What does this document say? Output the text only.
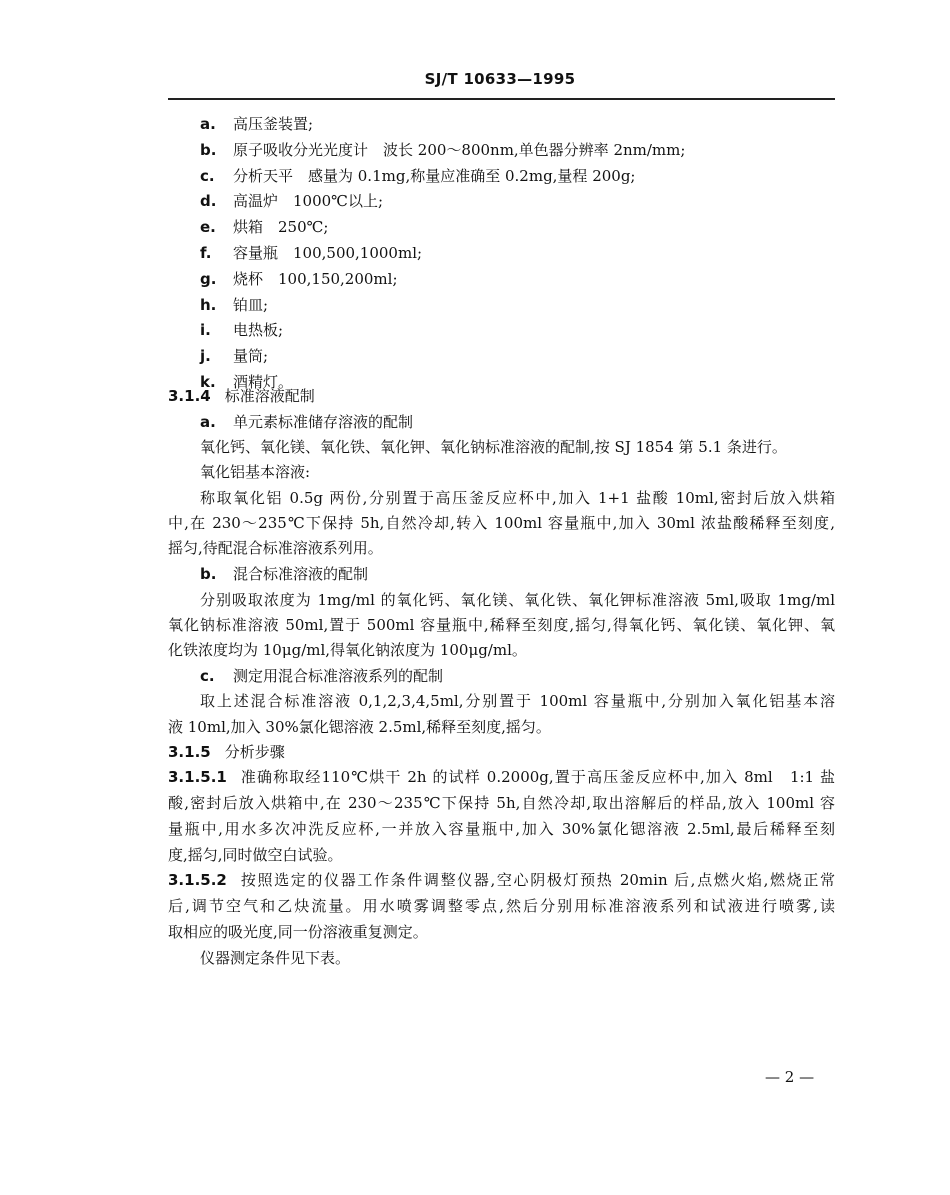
SJ/T 10633—1995
a. 高压釜装置;
b. 原子吸收分光光度计　波长 200～800nm,单色器分辨率 2nm/mm;
c. 分析天平　感量为 0.1mg,称量应准确至 0.2mg,量程 200g;
d. 高温炉　1000℃以上;
e. 烘箱　250℃;
f. 容量瓶　100,500,1000ml;
g. 烧杯　100,150,200ml;
h. 铂皿;
i. 电热板;
j. 量筒;
k. 酒精灯。
3.1.4 标准溶液配制
a. 单元素标准储存溶液的配制
氧化钙、氧化镁、氧化铁、氧化钾、氧化钠标准溶液的配制,按 SJ 1854 第 5.1 条进行。
氧化铝基本溶液:
称取氧化铝 0.5g 两份,分别置于高压釜反应杯中,加入 1+1 盐酸 10ml,密封后放入烘箱
中,在 230～235℃下保持 5h,自然冷却,转入 100ml 容量瓶中,加入 30ml 浓盐酸稀释至刻度,
摇匀,待配混合标准溶液系列用。
b. 混合标准溶液的配制
分别吸取浓度为 1mg/ml 的氧化钙、氧化镁、氧化铁、氧化钾标准溶液 5ml,吸取 1mg/ml
氧化钠标准溶液 50ml,置于 500ml 容量瓶中,稀释至刻度,摇匀,得氧化钙、氧化镁、氧化钾、氧
化铁浓度均为 10μg/ml,得氧化钠浓度为 100μg/ml。
c. 测定用混合标准溶液系列的配制
取上述混合标准溶液 0,1,2,3,4,5ml,分别置于 100ml 容量瓶中,分别加入氧化铝基本溶
液 10ml,加入 30%氯化锶溶液 2.5ml,稀释至刻度,摇匀。
3.1.5 分析步骤
3.1.5.1 准确称取经110℃烘干 2h 的试样 0.2000g,置于高压釜反应杯中,加入 8ml　1:1 盐
酸,密封后放入烘箱中,在 230～235℃下保持 5h,自然冷却,取出溶解后的样品,放入 100ml 容
量瓶中,用水多次冲洗反应杯,一并放入容量瓶中,加入 30%氯化锶溶液 2.5ml,最后稀释至刻
度,摇匀,同时做空白试验。
3.1.5.2 按照选定的仪器工作条件调整仪器,空心阴极灯预热 20min 后,点燃火焰,燃烧正常
后,调节空气和乙炔流量。用水喷雾调整零点,然后分别用标准溶液系列和试液进行喷雾,读
取相应的吸光度,同一份溶液重复测定。
仪器测定条件见下表。
— 2 —
